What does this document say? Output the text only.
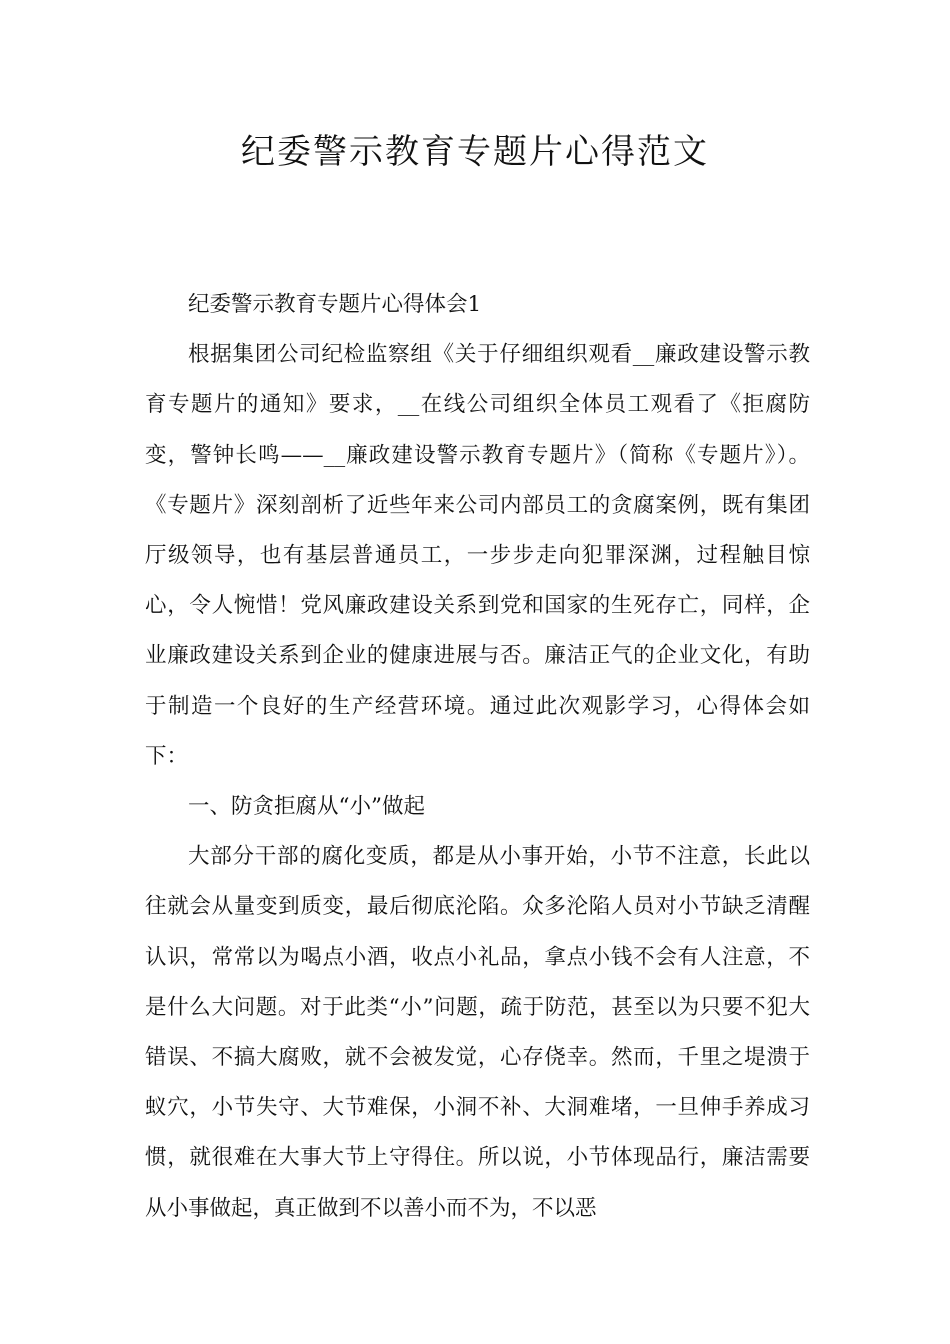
纪委警示教育专题片心得范文

纪委警示教育专题片心得体会1

根据集团公司纪检监察组《关于仔细组织观看__廉政建设警示教育专题片的通知》要求，__在线公司组织全体员工观看了《拒腐防变，警钟长鸣——__廉政建设警示教育专题片》（简称《专题片》）。《专题片》深刻剖析了近些年来公司内部员工的贪腐案例，既有集团厅级领导，也有基层普通员工，一步步走向犯罪深渊，过程触目惊心，令人惋惜！党风廉政建设关系到党和国家的生死存亡，同样，企业廉政建设关系到企业的健康进展与否。廉洁正气的企业文化，有助于制造一个良好的生产经营环境。通过此次观影学习，心得体会如下：

一、防贪拒腐从“小”做起

大部分干部的腐化变质，都是从小事开始，小节不注意，长此以往就会从量变到质变，最后彻底沦陷。众多沦陷人员对小节缺乏清醒认识，常常以为喝点小酒，收点小礼品，拿点小钱不会有人注意，不是什么大问题。对于此类“小”问题，疏于防范，甚至以为只要不犯大错误、不搞大腐败，就不会被发觉，心存侥幸。然而，千里之堤溃于蚁穴，小节失守、大节难保，小洞不补、大洞难堵，一旦伸手养成习惯，就很难在大事大节上守得住。所以说，小节体现品行，廉洁需要从小事做起，真正做到不以善小而不为，不以恶
